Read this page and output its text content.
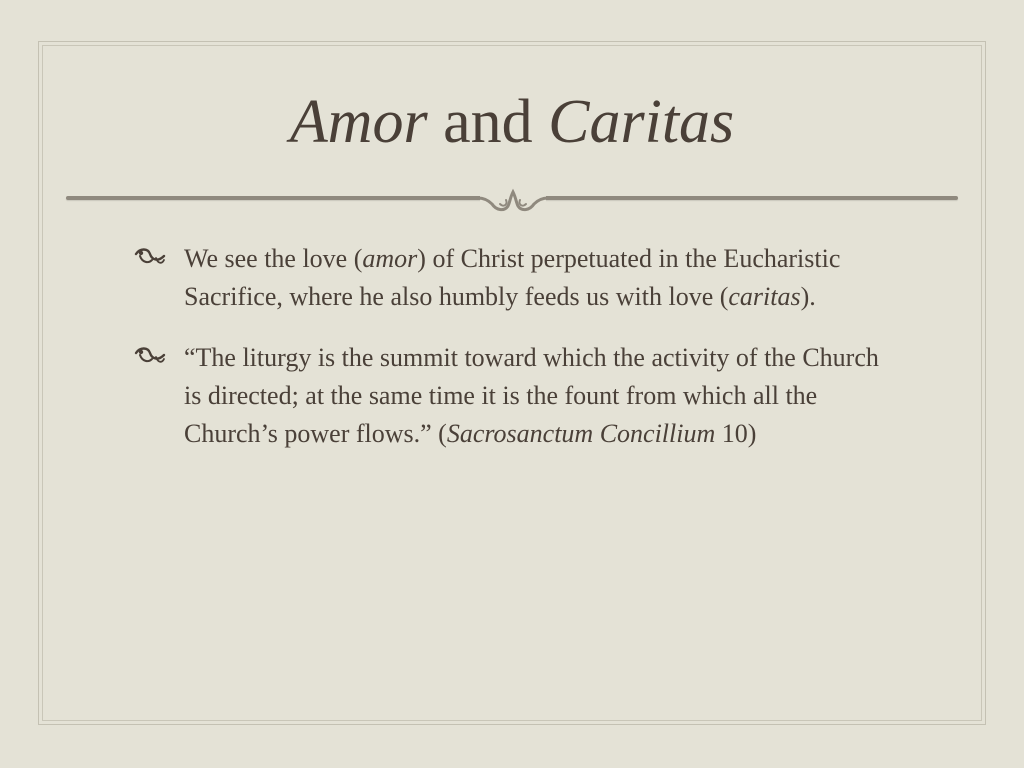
Amor and Caritas
We see the love (amor) of Christ perpetuated in the Eucharistic Sacrifice, where he also humbly feeds us with love (caritas).
“The liturgy is the summit toward which the activity of the Church is directed; at the same time it is the fount from which all the Church’s power flows.” (Sacrosanctum Concillium 10)
